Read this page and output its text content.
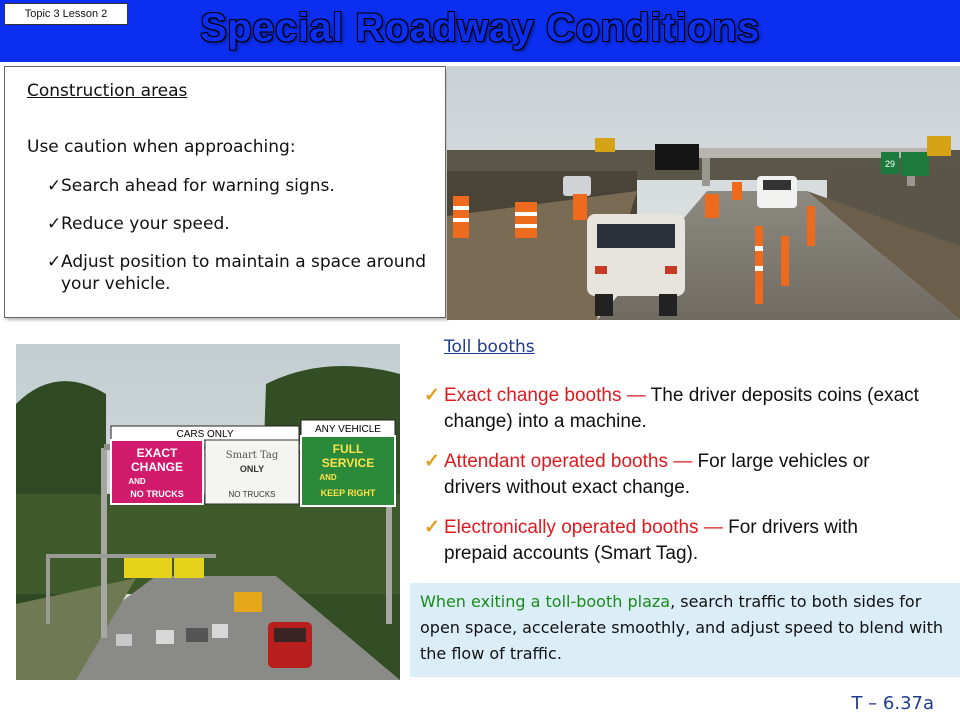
Special Roadway Conditions
Topic 3 Lesson 2
Construction areas
Use caution when approaching:
✓ Search ahead for warning signs.
✓ Reduce your speed.
✓ Adjust position to maintain a space around your vehicle.
29
CARS ONLY	ANY VEHICLE
EXACT
CHANGE
AND
NO TRUCKS
Smart Tag
ONLY
NO TRUCKS
FULL
SERVICE
AND
KEEP RIGHT
Toll booths
✓ Exact change booths — The driver deposits coins (exact change) into a machine.
✓ Attendant operated booths — For large vehicles or drivers without exact change.
✓ Electronically operated booths — For drivers with prepaid accounts (Smart Tag).
When exiting a toll-booth plaza, search traffic to both sides for open space, accelerate smoothly, and adjust speed to blend with the flow of traffic.
T – 6.37a
